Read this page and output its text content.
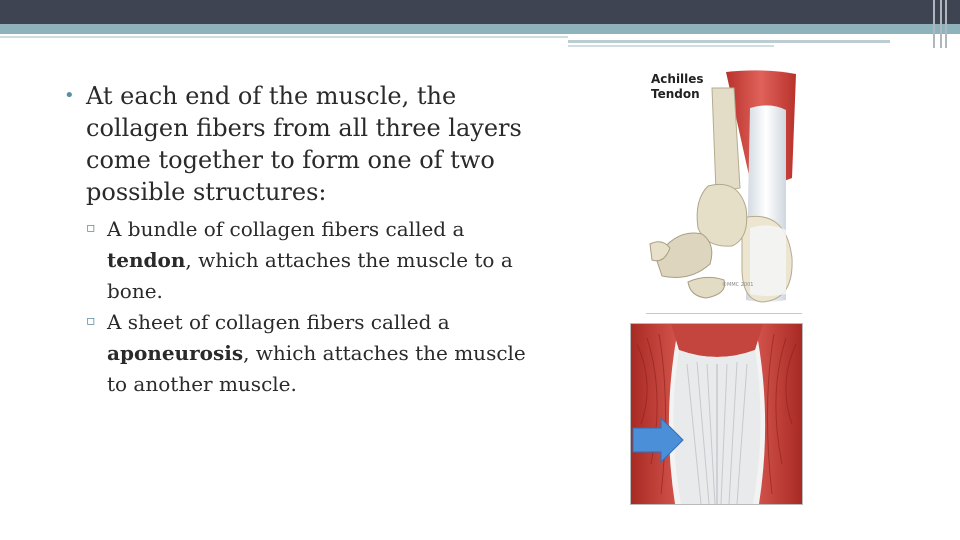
• At each end of the muscle, the collagen fibers from all three layers come together to form one of two possible structures:
▫ A bundle of collagen fibers called a tendon, which attaches the muscle to a bone.
▫ A sheet of collagen fibers called a aponeurosis, which attaches the muscle to another muscle.
Achilles
Tendon
©MMC 2001
